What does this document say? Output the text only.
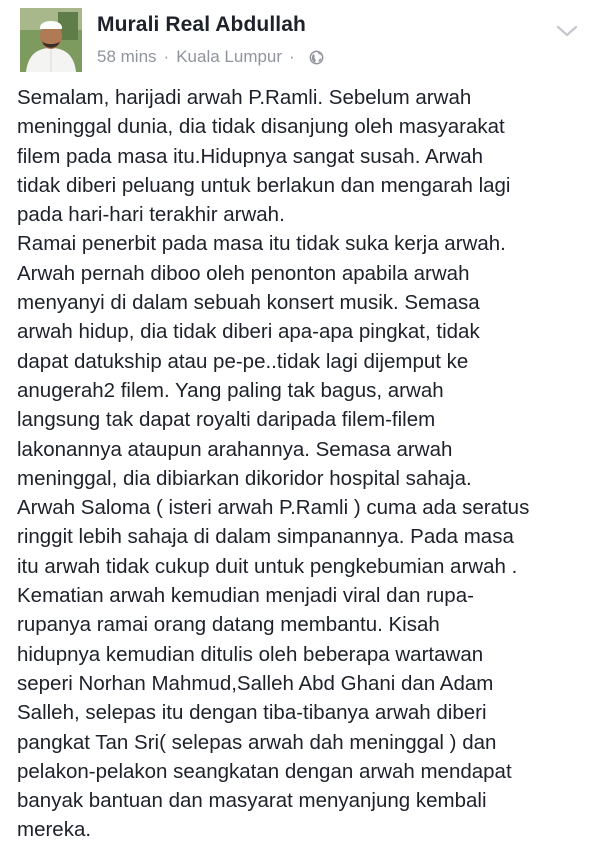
Murali Real Abdullah
58 mins · Kuala Lumpur ·
Semalam, harijadi arwah P.Ramli. Sebelum arwah
meninggal dunia, dia tidak disanjung oleh masyarakat
filem pada masa itu.Hidupnya sangat susah. Arwah
tidak diberi peluang untuk berlakun dan mengarah lagi
pada hari-hari terakhir arwah.
Ramai penerbit pada masa itu tidak suka kerja arwah.
Arwah pernah diboo oleh penonton apabila arwah
menyanyi di dalam sebuah konsert musik. Semasa
arwah hidup, dia tidak diberi apa-apa pingkat, tidak
dapat datukship atau pe-pe..tidak lagi dijemput ke
anugerah2 filem. Yang paling tak bagus, arwah
langsung tak dapat royalti daripada filem-filem
lakonannya ataupun arahannya. Semasa arwah
meninggal, dia dibiarkan dikoridor hospital sahaja.
Arwah Saloma ( isteri arwah P.Ramli ) cuma ada seratus
ringgit lebih sahaja di dalam simpanannya. Pada masa
itu arwah tidak cukup duit untuk pengkebumian arwah .
Kematian arwah kemudian menjadi viral dan rupa-
rupanya ramai orang datang membantu. Kisah
hidupnya kemudian ditulis oleh beberapa wartawan
seperi Norhan Mahmud,Salleh Abd Ghani dan Adam
Salleh, selepas itu dengan tiba-tibanya arwah diberi
pangkat Tan Sri( selepas arwah dah meninggal ) dan
pelakon-pelakon seangkatan dengan arwah mendapat
banyak bantuan dan masyarat menyanjung kembali
mereka.
